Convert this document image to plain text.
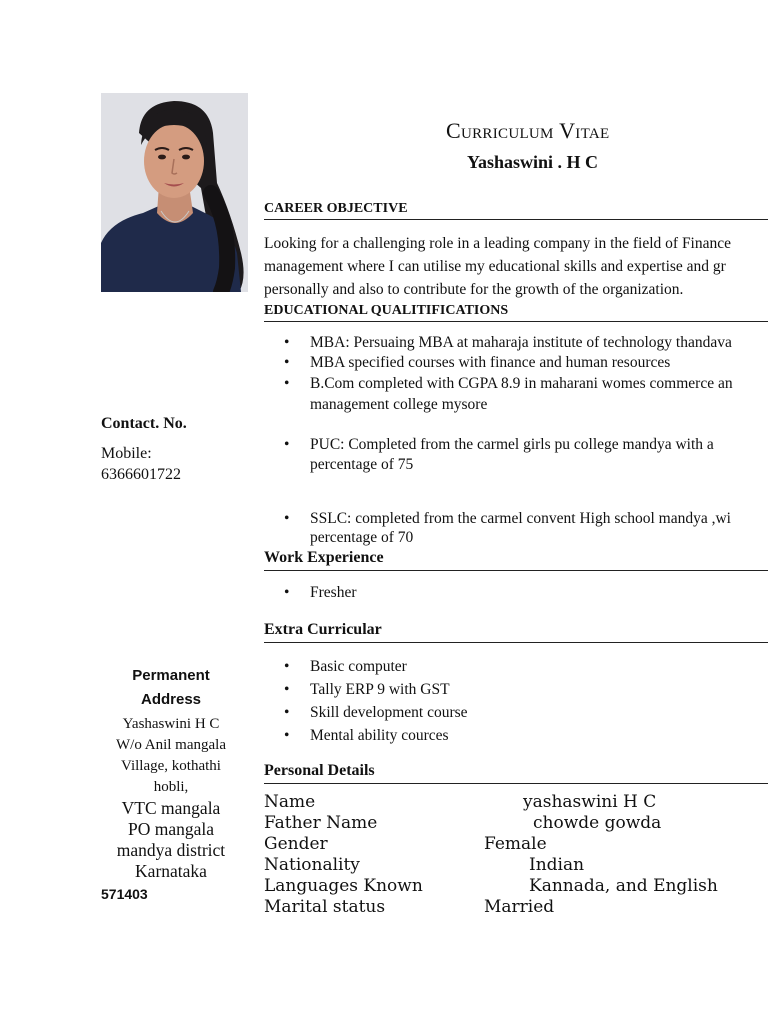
Contact. No.
Mobile:
6366601722
Permanent
Address
Yashaswini H C
W/o Anil mangala
Village, kothathi
hobli,
VTC mangala
PO mangala
mandya district
Karnataka
571403
Curriculum Vitae
Yashaswini . H C
CAREER OBJECTIVE
Looking for a challenging role in a leading company in the field of Finance
management where I can utilise my educational skills and expertise and gr
personally and also to contribute for the growth of the organization.
EDUCATIONAL QUALITIFICATIONS
• MBA: Persuaing MBA at maharaja institute of technology thandava
• MBA specified courses with finance and human resources
• B.Com completed with CGPA 8.9 in maharani womes commerce an
management college mysore
• PUC: Completed from the carmel girls pu college mandya with a
percentage of 75
• SSLC: completed from the carmel convent High school mandya ,wi
percentage of 70
Work Experience
• Fresher
Extra Curricular
• Basic computer
• Tally ERP 9 with GST
• Skill development course
• Mental ability cources
Personal Details
Name
Father Name
Gender
Nationality
Languages Known
Marital status
yashaswini H C
chowde gowda
Female
Indian
Kannada, and English
Married
